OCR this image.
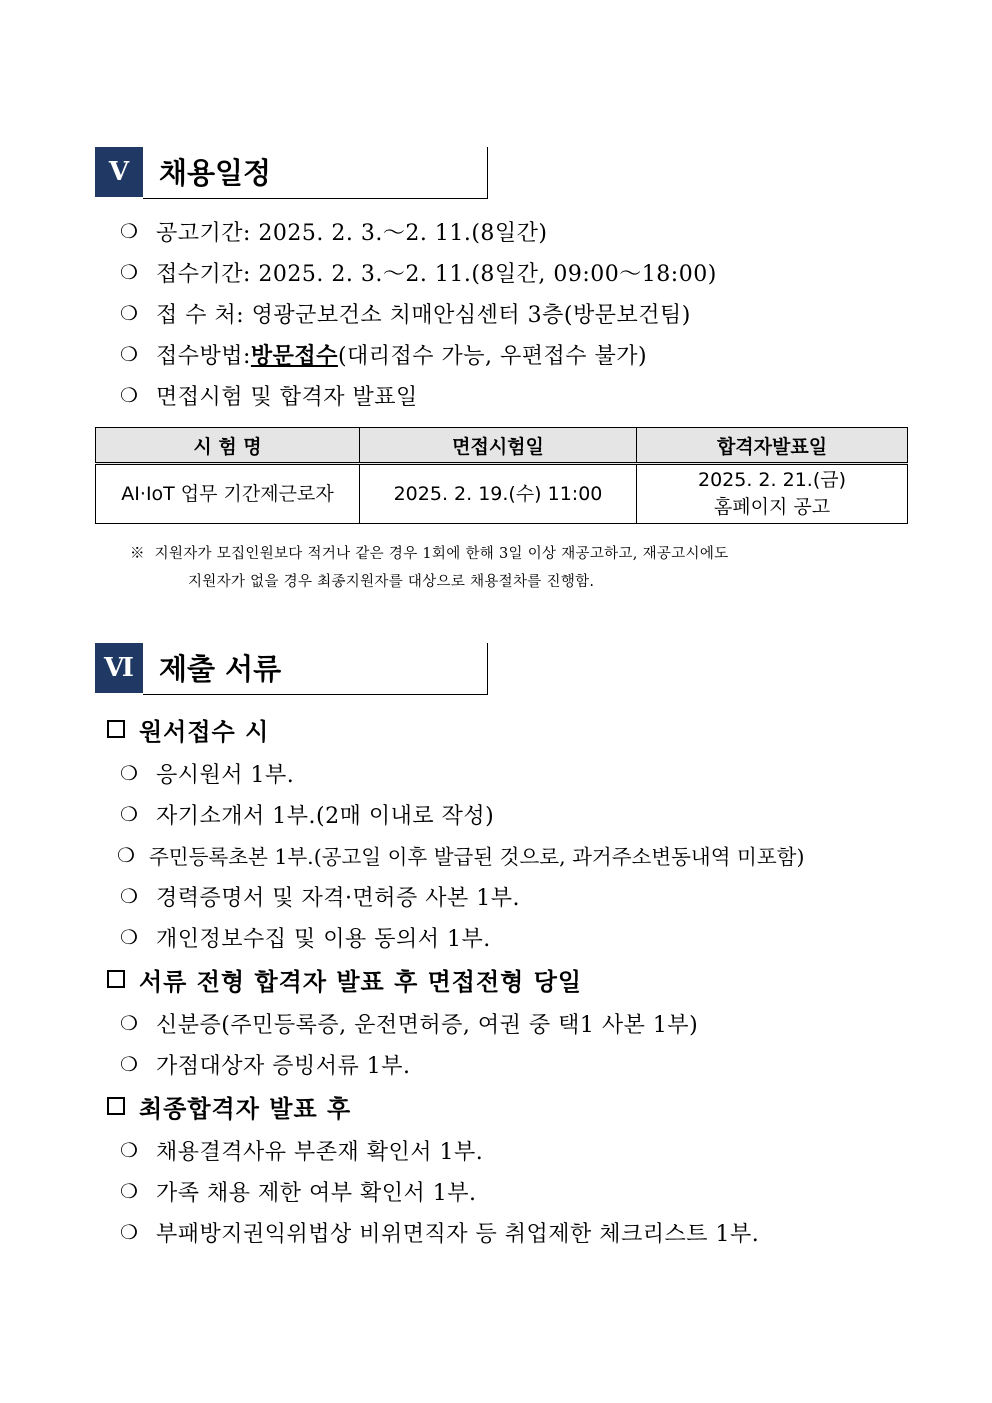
Ⅴ	채용일정
❍ 공고기간: 2025. 2. 3.～2. 11.(8일간)
❍ 접수기간: 2025. 2. 3.～2. 11.(8일간, 09:00～18:00)
❍ 접 수 처: 영광군보건소 치매안심센터 3층(방문보건팀)
❍ 접수방법: 방문접수 (대리접수 가능, 우편접수 불가)
❍ 면접시험 및 합격자 발표일
시 험 명	면접시험일	합격자발표일
AI·IoT 업무 기간제근로자	2025. 2. 19.(수) 11:00	2025. 2. 21.(금)
홈페이지 공고
※ 지원자가 모집인원보다 적거나 같은 경우 1회에 한해 3일 이상 재공고하고, 재공고시에도
지원자가 없을 경우 최종지원자를 대상으로 채용절차를 진행함.
Ⅵ 제출 서류
원서접수 시
❍ 응시원서 1부.
❍ 자기소개서 1부.(2매 이내로 작성)
❍ 주민등록초본 1부.(공고일 이후 발급된 것으로, 과거주소변동내역 미포함)
❍ 경력증명서 및 자격·면허증 사본 1부.
❍ 개인정보수집 및 이용 동의서 1부.
서류 전형 합격자 발표 후 면접전형 당일
❍ 신분증(주민등록증, 운전면허증, 여권 중 택1 사본 1부)
❍ 가점대상자 증빙서류 1부.
최종합격자 발표 후
❍ 채용결격사유 부존재 확인서 1부.
❍ 가족 채용 제한 여부 확인서 1부.
❍ 부패방지권익위법상 비위면직자 등 취업제한 체크리스트 1부.
